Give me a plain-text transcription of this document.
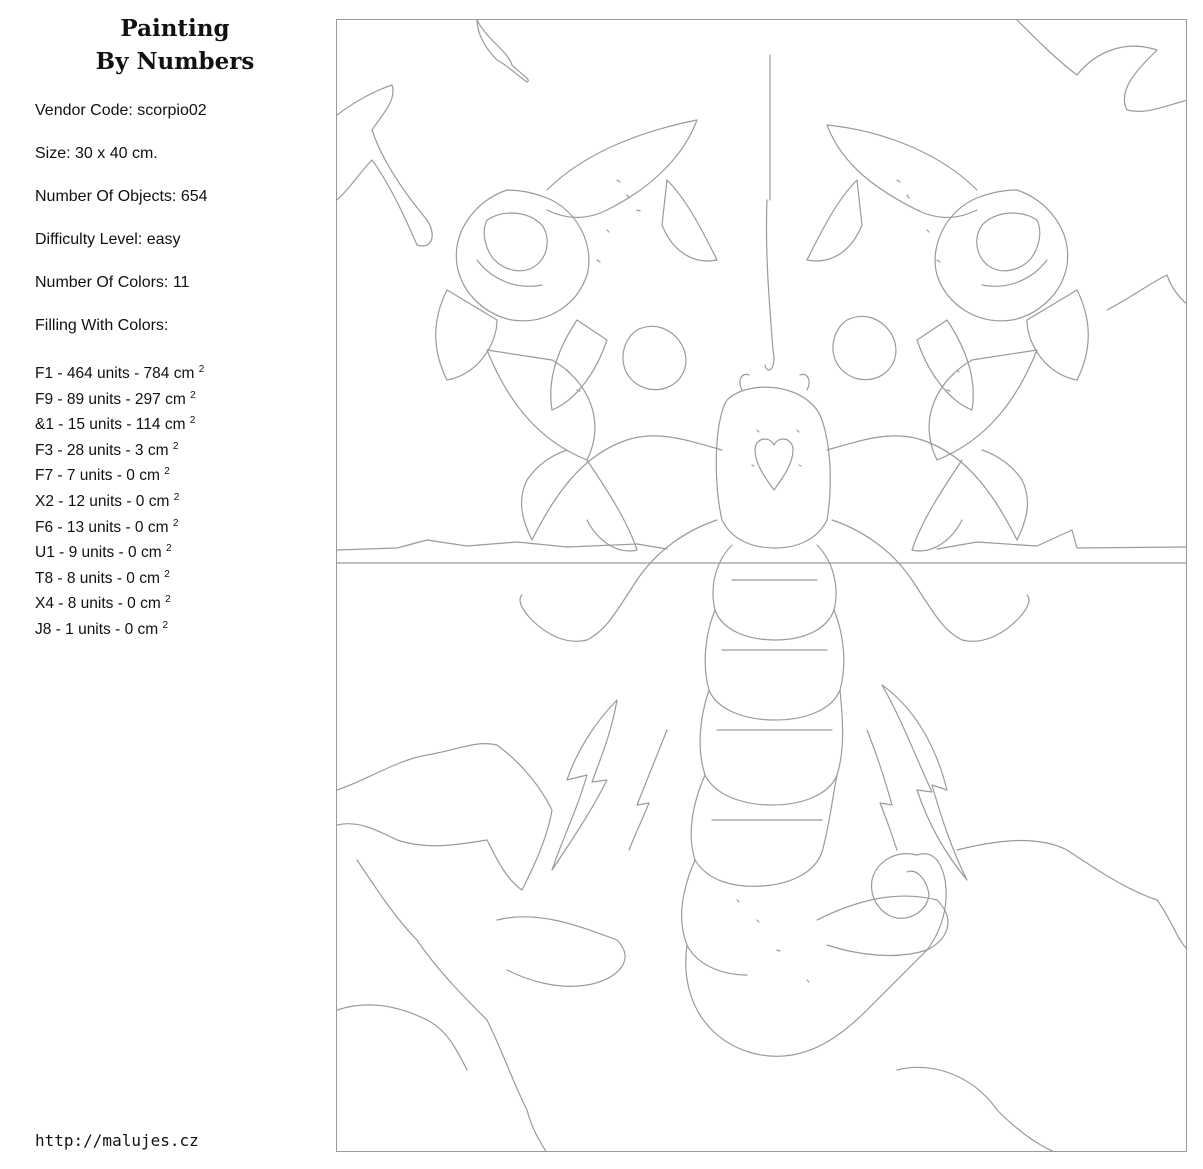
Painting
By Numbers
Vendor Code: scorpio02
Size: 30 x 40 cm.
Number Of Objects: 654
Difficulty Level: easy
Number Of Colors: 11
Filling With Colors:
F1 - 464 units - 784 cm $^2$
F9 - 89 units - 297 cm $^2$
&1 - 15 units - 114 cm $^2$
F3 - 28 units - 3 cm $^2$
F7 - 7 units - 0 cm $^2$
X2 - 12 units - 0 cm $^2$
F6 - 13 units - 0 cm $^2$
U1 - 9 units - 0 cm $^2$
T8 - 8 units - 0 cm $^2$
X4 - 8 units - 0 cm $^2$
J8 - 1 units - 0 cm $^2$
http://malujes.cz
